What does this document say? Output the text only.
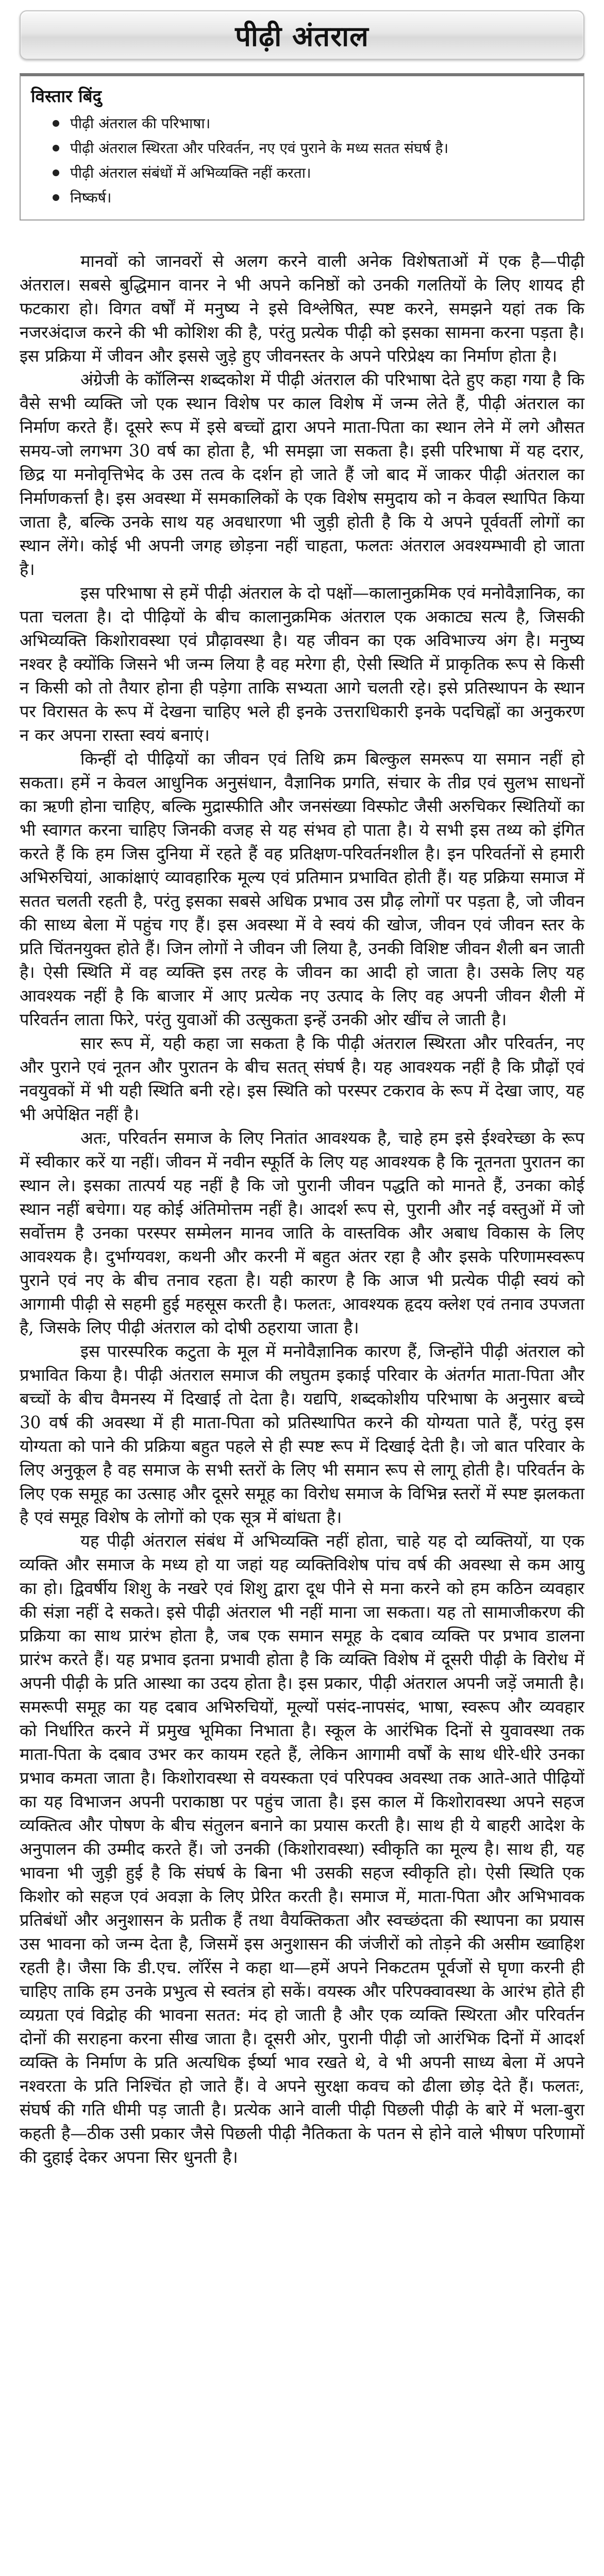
पीढ़ी अंतराल
विस्तार बिंदु
पीढ़ी अंतराल की परिभाषा।
पीढ़ी अंतराल स्थिरता और परिवर्तन, नए एवं पुराने के मध्य सतत संघर्ष है।
पीढ़ी अंतराल संबंधों में अभिव्यक्ति नहीं करता।
निष्कर्ष।

मानवों को जानवरों से अलग करने वाली अनेक विशेषताओं में एक है—पीढ़ी अंतराल। सबसे बुद्धिमान वानर ने भी अपने कनिष्ठों को उनकी गलतियों के लिए शायद ही फटकारा हो। विगत वर्षों में मनुष्य ने इसे विश्लेषित, स्पष्ट करने, समझने यहां तक कि नजरअंदाज करने की भी कोशिश की है, परंतु प्रत्येक पीढ़ी को इसका सामना करना पड़ता है। इस प्रक्रिया में जीवन और इससे जुड़े हुए जीवनस्तर के अपने परिप्रेक्ष्य का निर्माण होता है।

अंग्रेजी के कॉलिन्स शब्दकोश में पीढ़ी अंतराल की परिभाषा देते हुए कहा गया है कि वैसे सभी व्यक्ति जो एक स्थान विशेष पर काल विशेष में जन्म लेते हैं, पीढ़ी अंतराल का निर्माण करते हैं। दूसरे रूप में इसे बच्चों द्वारा अपने माता-पिता का स्थान लेने में लगे औसत समय-जो लगभग 30 वर्ष का होता है, भी समझा जा सकता है। इसी परिभाषा में यह दरार, छिद्र या मनोवृत्तिभेद के उस तत्व के दर्शन हो जाते हैं जो बाद में जाकर पीढ़ी अंतराल का निर्माणकर्त्ता है। इस अवस्था में समकालिकों के एक विशेष समुदाय को न केवल स्थापित किया जाता है, बल्कि उनके साथ यह अवधारणा भी जुड़ी होती है कि ये अपने पूर्ववर्ती लोगों का स्थान लेंगे। कोई भी अपनी जगह छोड़ना नहीं चाहता, फलतः अंतराल अवश्यम्भावी हो जाता है।

इस परिभाषा से हमें पीढ़ी अंतराल के दो पक्षों—कालानुक्रमिक एवं मनोवैज्ञानिक, का पता चलता है। दो पीढ़ियों के बीच कालानुक्रमिक अंतराल एक अकाट्य सत्य है, जिसकी अभिव्यक्ति किशोरावस्था एवं प्रौढ़ावस्था है। यह जीवन का एक अविभाज्य अंग है। मनुष्य नश्वर है क्योंकि जिसने भी जन्म लिया है वह मरेगा ही, ऐसी स्थिति में प्राकृतिक रूप से किसी न किसी को तो तैयार होना ही पड़ेगा ताकि सभ्यता आगे चलती रहे। इसे प्रतिस्थापन के स्थान पर विरासत के रूप में देखना चाहिए भले ही इनके उत्तराधिकारी इनके पदचिह्नों का अनुकरण न कर अपना रास्ता स्वयं बनाएं।

किन्हीं दो पीढ़ियों का जीवन एवं तिथि क्रम बिल्कुल समरूप या समान नहीं हो सकता। हमें न केवल आधुनिक अनुसंधान, वैज्ञानिक प्रगति, संचार के तीव्र एवं सुलभ साधनों का ऋणी होना चाहिए, बल्कि मुद्रास्फीति और जनसंख्या विस्फोट जैसी अरुचिकर स्थितियों का भी स्वागत करना चाहिए जिनकी वजह से यह संभव हो पाता है। ये सभी इस तथ्य को इंगित करते हैं कि हम जिस दुनिया में रहते हैं वह प्रतिक्षण-परिवर्तनशील है। इन परिवर्तनों से हमारी अभिरुचियां, आकांक्षाएं व्यावहारिक मूल्य एवं प्रतिमान प्रभावित होती हैं। यह प्रक्रिया समाज में सतत चलती रहती है, परंतु इसका सबसे अधिक प्रभाव उस प्रौढ़ लोगों पर पड़ता है, जो जीवन की साध्य बेला में पहुंच गए हैं। इस अवस्था में वे स्वयं की खोज, जीवन एवं जीवन स्तर के प्रति चिंतनयुक्त होते हैं। जिन लोगों ने जीवन जी लिया है, उनकी विशिष्ट जीवन शैली बन जाती है। ऐसी स्थिति में वह व्यक्ति इस तरह के जीवन का आदी हो जाता है। उसके लिए यह आवश्यक नहीं है कि बाजार में आए प्रत्येक नए उत्पाद के लिए वह अपनी जीवन शैली में परिवर्तन लाता फिरे, परंतु युवाओं की उत्सुकता इन्हें उनकी ओर खींच ले जाती है।

सार रूप में, यही कहा जा सकता है कि पीढ़ी अंतराल स्थिरता और परिवर्तन, नए और पुराने एवं नूतन और पुरातन के बीच सतत् संघर्ष है। यह आवश्यक नहीं है कि प्रौढ़ों एवं नवयुवकों में भी यही स्थिति बनी रहे। इस स्थिति को परस्पर टकराव के रूप में देखा जाए, यह भी अपेक्षित नहीं है।

अतः, परिवर्तन समाज के लिए नितांत आवश्यक है, चाहे हम इसे ईश्वरेच्छा के रूप में स्वीकार करें या नहीं। जीवन में नवीन स्फूर्ति के लिए यह आवश्यक है कि नूतनता पुरातन का स्थान ले। इसका तात्पर्य यह नहीं है कि जो पुरानी जीवन पद्धति को मानते हैं, उनका कोई स्थान नहीं बचेगा। यह कोई अंतिमोत्तम नहीं है। आदर्श रूप से, पुरानी और नई वस्तुओं में जो सर्वोत्तम है उनका परस्पर सम्मेलन मानव जाति के वास्तविक और अबाध विकास के लिए आवश्यक है। दुर्भाग्यवश, कथनी और करनी में बहुत अंतर रहा है और इसके परिणामस्वरूप पुराने एवं नए के बीच तनाव रहता है। यही कारण है कि आज भी प्रत्येक पीढ़ी स्वयं को आगामी पीढ़ी से सहमी हुई महसूस करती है। फलतः, आवश्यक हृदय क्लेश एवं तनाव उपजता है, जिसके लिए पीढ़ी अंतराल को दोषी ठहराया जाता है।

इस पारस्परिक कटुता के मूल में मनोवैज्ञानिक कारण हैं, जिन्होंने पीढ़ी अंतराल को प्रभावित किया है। पीढ़ी अंतराल समाज की लघुतम इकाई परिवार के अंतर्गत माता-पिता और बच्चों के बीच वैमनस्य में दिखाई तो देता है। यद्यपि, शब्दकोशीय परिभाषा के अनुसार बच्चे 30 वर्ष की अवस्था में ही माता-पिता को प्रतिस्थापित करने की योग्यता पाते हैं, परंतु इस योग्यता को पाने की प्रक्रिया बहुत पहले से ही स्पष्ट रूप में दिखाई देती है। जो बात परिवार के लिए अनुकूल है वह समाज के सभी स्तरों के लिए भी समान रूप से लागू होती है। परिवर्तन के लिए एक समूह का उत्साह और दूसरे समूह का विरोध समाज के विभिन्न स्तरों में स्पष्ट झलकता है एवं समूह विशेष के लोगों को एक सूत्र में बांधता है।

यह पीढ़ी अंतराल संबंध में अभिव्यक्ति नहीं होता, चाहे यह दो व्यक्तियों, या एक व्यक्ति और समाज के मध्य हो या जहां यह व्यक्तिविशेष पांच वर्ष की अवस्था से कम आयु का हो। द्विवर्षीय शिशु के नखरे एवं शिशु द्वारा दूध पीने से मना करने को हम कठिन व्यवहार की संज्ञा नहीं दे सकते। इसे पीढ़ी अंतराल भी नहीं माना जा सकता। यह तो सामाजीकरण की प्रक्रिया का साथ प्रारंभ होता है, जब एक समान समूह के दबाव व्यक्ति पर प्रभाव डालना प्रारंभ करते हैं। यह प्रभाव इतना प्रभावी होता है कि व्यक्ति विशेष में दूसरी पीढ़ी के विरोध में अपनी पीढ़ी के प्रति आस्था का उदय होता है। इस प्रकार, पीढ़ी अंतराल अपनी जड़ें जमाती है। समरूपी समूह का यह दबाव अभिरुचियों, मूल्यों पसंद-नापसंद, भाषा, स्वरूप और व्यवहार को निर्धारित करने में प्रमुख भूमिका निभाता है। स्कूल के आरंभिक दिनों से युवावस्था तक माता-पिता के दबाव उभर कर कायम रहते हैं, लेकिन आगामी वर्षों के साथ धीरे-धीरे उनका प्रभाव कमता जाता है। किशोरावस्था से वयस्कता एवं परिपक्व अवस्था तक आते-आते पीढ़ियों का यह विभाजन अपनी पराकाष्ठा पर पहुंच जाता है। इस काल में किशोरावस्था अपने सहज व्यक्तित्व और पोषण के बीच संतुलन बनाने का प्रयास करती है। साथ ही ये बाहरी आदेश के अनुपालन की उम्मीद करते हैं। जो उनकी (किशोरावस्था) स्वीकृति का मूल्य है। साथ ही, यह भावना भी जुड़ी हुई है कि संघर्ष के बिना भी उसकी सहज स्वीकृति हो। ऐसी स्थिति एक किशोर को सहज एवं अवज्ञा के लिए प्रेरित करती है। समाज में, माता-पिता और अभिभावक प्रतिबंधों और अनुशासन के प्रतीक हैं तथा वैयक्तिकता और स्वच्छंदता की स्थापना का प्रयास उस भावना को जन्म देता है, जिसमें इस अनुशासन की जंजीरों को तोड़ने की असीम ख्वाहिश रहती है। जैसा कि डी.एच. लॉरेंस ने कहा था—हमें अपने निकटतम पूर्वजों से घृणा करनी ही चाहिए ताकि हम उनके प्रभुत्व से स्वतंत्र हो सकें। वयस्क और परिपक्वावस्था के आरंभ होते ही व्यग्रता एवं विद्रोह की भावना सतत: मंद हो जाती है और एक व्यक्ति स्थिरता और परिवर्तन दोनों की सराहना करना सीख जाता है। दूसरी ओर, पुरानी पीढ़ी जो आरंभिक दिनों में आदर्श व्यक्ति के निर्माण के प्रति अत्यधिक ईर्ष्या भाव रखते थे, वे भी अपनी साध्य बेला में अपने नश्वरता के प्रति निश्चिंत हो जाते हैं। वे अपने सुरक्षा कवच को ढीला छोड़ देते हैं। फलतः, संघर्ष की गति धीमी पड़ जाती है। प्रत्येक आने वाली पीढ़ी पिछली पीढ़ी के बारे में भला-बुरा कहती है—ठीक उसी प्रकार जैसे पिछली पीढ़ी नैतिकता के पतन से होने वाले भीषण परिणामों की दुहाई देकर अपना सिर धुनती है।
